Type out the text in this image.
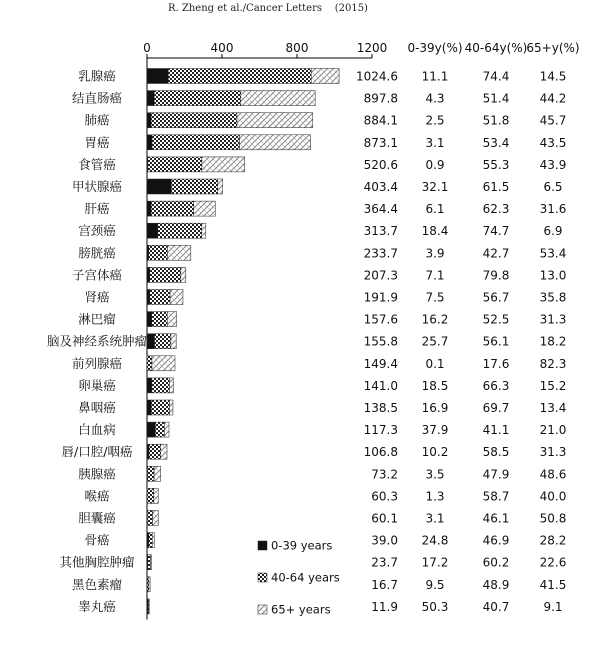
R. Zheng et al./Cancer Letters    (2015)
0	400	800	1200 0-39y(%) 40-64y(%) 65+y(%)
乳腺癌	1024.6 11.1	74.4	14.5
结直肠癌	897.8 4.3	51.4	44.2
肺癌	884.1 2.5	51.8	45.7
胃癌	873.1 3.1	53.4	43.5
食管癌	520.6 0.9	55.3	43.9
甲状腺癌	403.4 32.1	61.5	6.5
肝癌	364.4 6.1	62.3	31.6
宫颈癌	313.7 18.4	74.7	6.9
膀胱癌	233.7 3.9	42.7	53.4
子宫体癌	207.3 7.1	79.8	13.0
肾癌	191.9 7.5	56.7	35.8
淋巴瘤	157.6 16.2	52.5	31.3
脑及神经系统肿瘤	155.8 25.7	56.1	18.2
前列腺癌	149.4 0.1	17.6	82.3
卵巢癌	141.0 18.5	66.3	15.2
鼻咽癌	138.5 16.9	69.7	13.4
白血病	117.3 37.9	41.1	21.0
唇/口腔/咽癌	106.8 10.2	58.5	31.3
胰腺癌	73.2 3.5	47.9	48.6
喉癌	60.3 1.3	58.7	40.0
胆囊癌	60.1 3.1	46.1	50.8
骨癌	39.0 24.8	46.9	28.2
其他胸腔肿瘤	23.7 17.2	60.2	22.6
黑色素瘤	16.7 9.5	48.9	41.5
睾丸癌	11.9 50.3	40.7	9.1
0-39 years
40-64 years
65+ years
